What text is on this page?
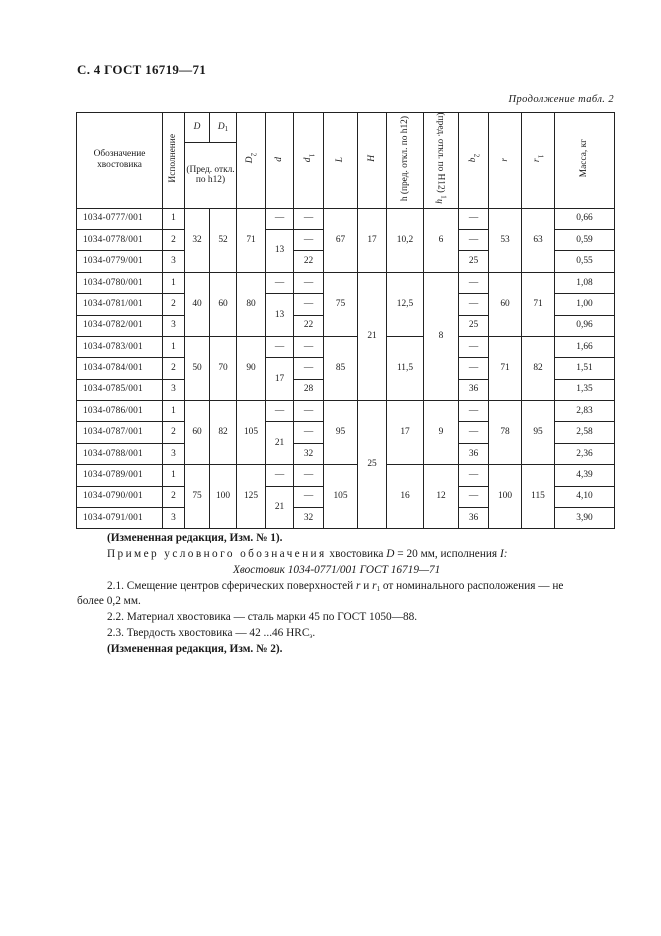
С. 4 ГОСТ 16719—71
Продолжение табл. 2
Обозначение хвостовика	Исполнение	D	$D_1$	D2	d	d1	L	H	h (пред. откл. по h12)	h1 (пред. откл. по H12)	b2	r	r1	Масса, кг
		(Пред. откл. по h12)												
1034-0777/001	1	32	52	71	—	—	67	17	10,2	6	—	53	63	0,66
1034-0778/001	2				13	—					—			0,59
1034-0779/001	3					22					25			0,55
1034-0780/001	1	40	60	80	—	—	75	21	12,5	8	—	60	71	1,08
1034-0781/001	2				13	—					—			1,00
1034-0782/001	3					22					25			0,96
1034-0783/001	1	50	70	90	—	—	85		11,5		—	71	82	1,66
1034-0784/001	2				17	—					—			1,51
1034-0785/001	3					28					36			1,35
1034-0786/001	1	60	82	105	—	—	95	25	17	9	—	78	95	2,83
1034-0787/001	2				21	—					—			2,58
1034-0788/001	3					32					36			2,36
1034-0789/001	1	75	100	125	—	—	105		16	12	—	100	115	4,39
1034-0790/001	2				21	—					—			4,10
1034-0791/001	3					32					36			3,90
(Измененная редакция, Изм. № 1).
Пример условного обозначения хвостовика D = 20 мм, исполнения I:
Хвостовик 1034-0771/001 ГОСТ 16719—71
2.1. Смещение центров сферических поверхностей r и $r_1$ от номинального расположения — не
более 0,2 мм.
2.2. Материал хвостовика — сталь марки 45 по ГОСТ 1050—88.
2.3. Твердость хвостовика — 42 ...46 $HRC_э$.
(Измененная редакция, Изм. № 2).
